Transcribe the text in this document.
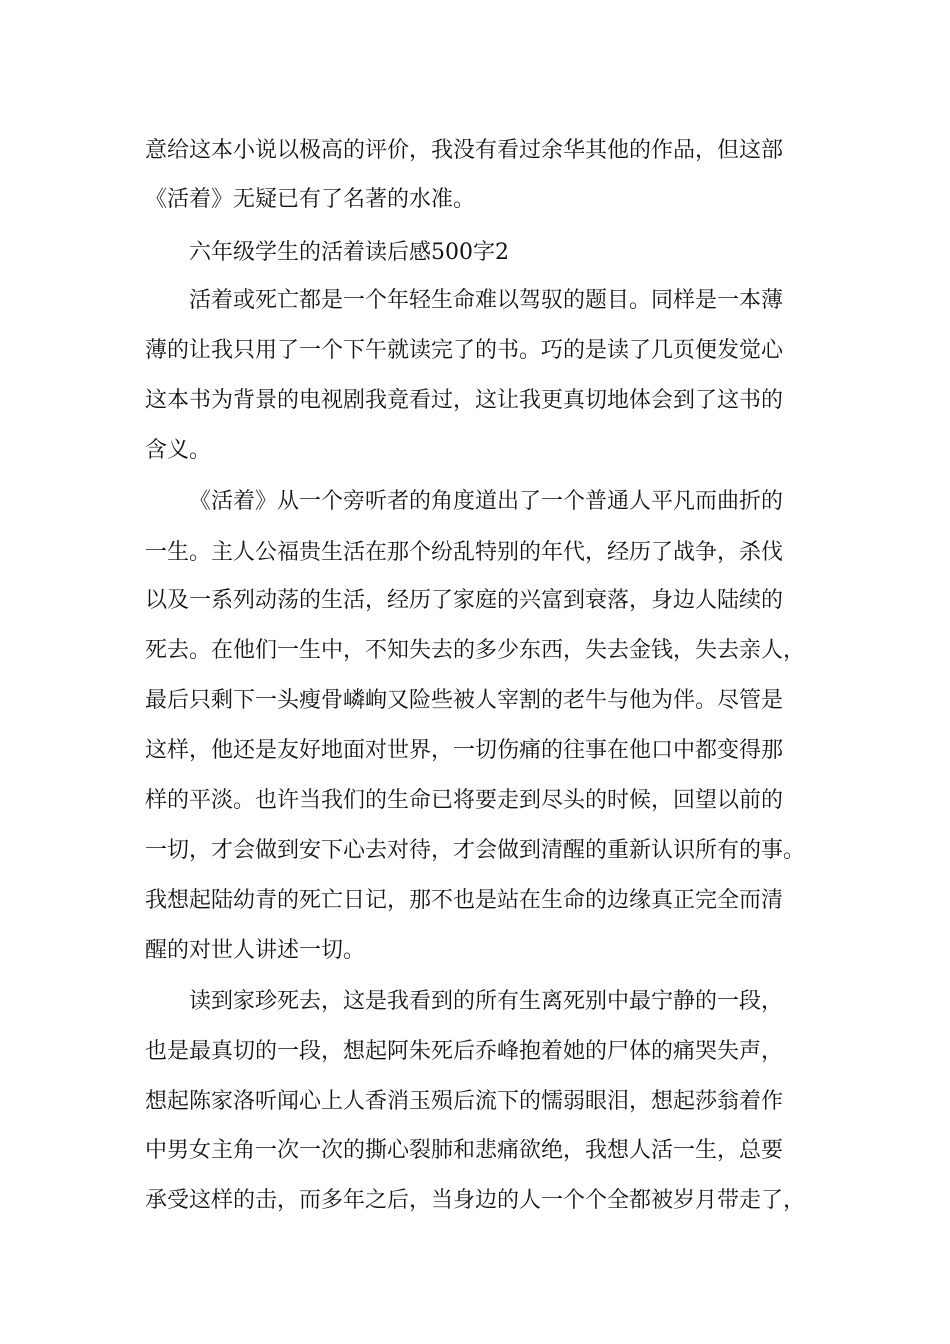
意给这本小说以极高的评价，我没有看过余华其他的作品，但这部
《活着》无疑已有了名著的水准。
六年级学生的活着读后感500字2
活着或死亡都是一个年轻生命难以驾驭的题目。同样是一本薄
薄的让我只用了一个下午就读完了的书。巧的是读了几页便发觉心
这本书为背景的电视剧我竟看过，这让我更真切地体会到了这书的
含义。
《活着》从一个旁听者的角度道出了一个普通人平凡而曲折的
一生。主人公福贵生活在那个纷乱特别的年代，经历了战争，杀伐
以及一系列动荡的生活，经历了家庭的兴富到衰落，身边人陆续的
死去。在他们一生中，不知失去的多少东西，失去金钱，失去亲人，
最后只剩下一头瘦骨嶙峋又险些被人宰割的老牛与他为伴。尽管是
这样，他还是友好地面对世界，一切伤痛的往事在他口中都变得那
样的平淡。也许当我们的生命已将要走到尽头的时候，回望以前的
一切，才会做到安下心去对待，才会做到清醒的重新认识所有的事。
我想起陆幼青的死亡日记，那不也是站在生命的边缘真正完全而清
醒的对世人讲述一切。
读到家珍死去，这是我看到的所有生离死别中最宁静的一段，
也是最真切的一段，想起阿朱死后乔峰抱着她的尸体的痛哭失声，
想起陈家洛听闻心上人香消玉殒后流下的懦弱眼泪，想起莎翁着作
中男女主角一次一次的撕心裂肺和悲痛欲绝，我想人活一生，总要
承受这样的击，而多年之后，当身边的人一个个全都被岁月带走了，
